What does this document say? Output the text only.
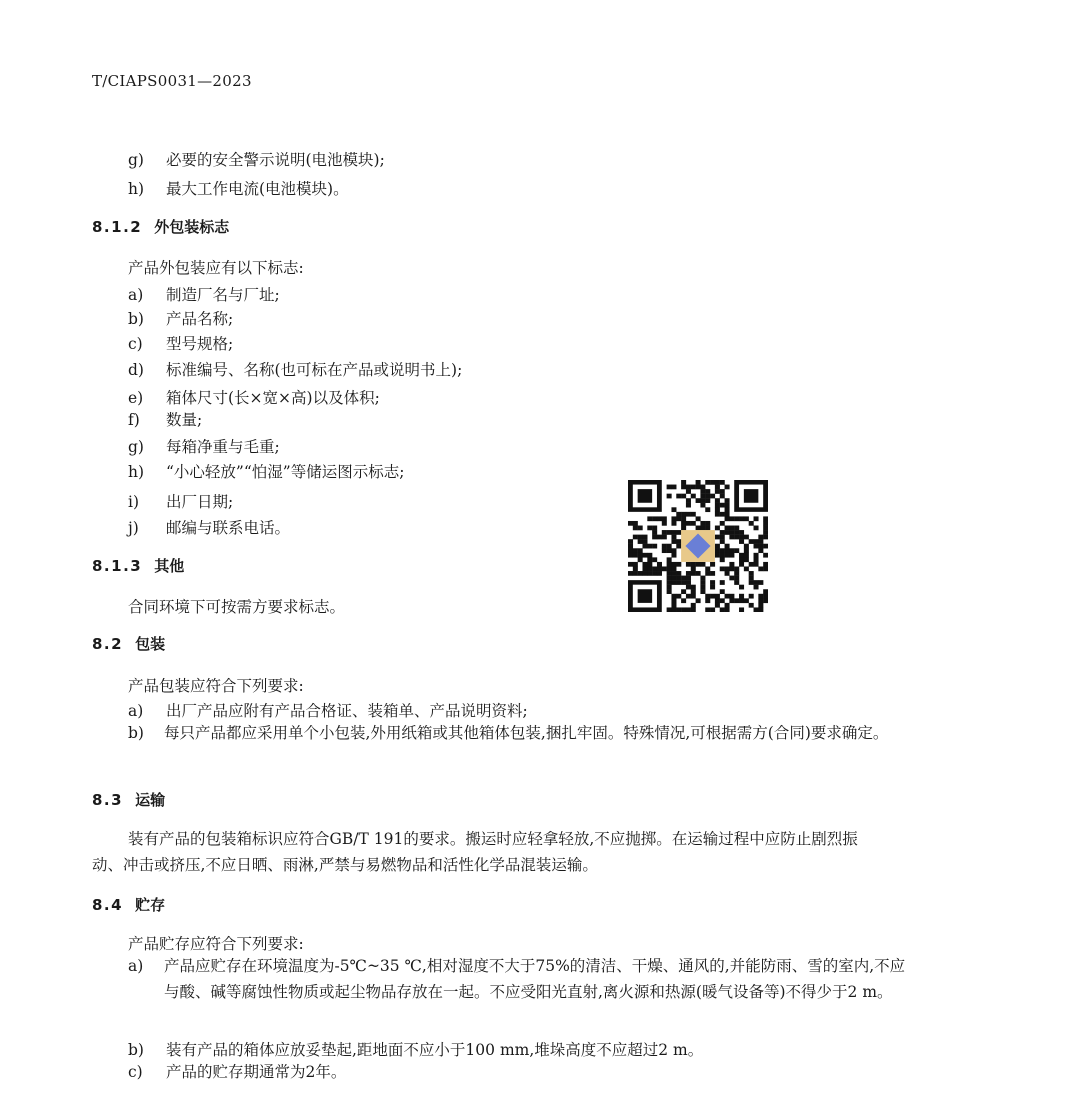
T/CIAPS0031—2023
g) 必要的安全警示说明(电池模块);
h) 最大工作电流(电池模块)。
8.1.2 外包装标志
产品外包装应有以下标志:
a) 制造厂名与厂址;
b) 产品名称;
c) 型号规格;
d) 标准编号、名称(也可标在产品或说明书上);
e) 箱体尺寸(长×宽×高)以及体积;
f) 数量;
g) 每箱净重与毛重;
h) “小心轻放”“怕湿”等储运图示标志;
i) 出厂日期;
j) 邮编与联系电话。
8.1.3 其他
合同环境下可按需方要求标志。
8.2 包装
产品包装应符合下列要求:
a) 出厂产品应附有产品合格证、装箱单、产品说明资料;
b) 每只产品都应采用单个小包装,外用纸箱或其他箱体包装,捆扎牢固。特殊情况,可根据需方(合同)要求确定。
8.3 运输
装有产品的包装箱标识应符合GB/T 191的要求。搬运时应轻拿轻放,不应抛掷。在运输过程中应防止剧烈振动、冲击或挤压,不应日晒、雨淋,严禁与易燃物品和活性化学品混装运输。
8.4 贮存
产品贮存应符合下列要求:
a) 产品应贮存在环境温度为-5℃~35 ℃,相对湿度不大于75%的清洁、干燥、通风的,并能防雨、雪的室内,不应与酸、碱等腐蚀性物质或起尘物品存放在一起。不应受阳光直射,离火源和热源(暖气设备等)不得少于2 m。
b) 装有产品的箱体应放妥垫起,距地面不应小于100 mm,堆垛高度不应超过2 m。
c) 产品的贮存期通常为2年。
